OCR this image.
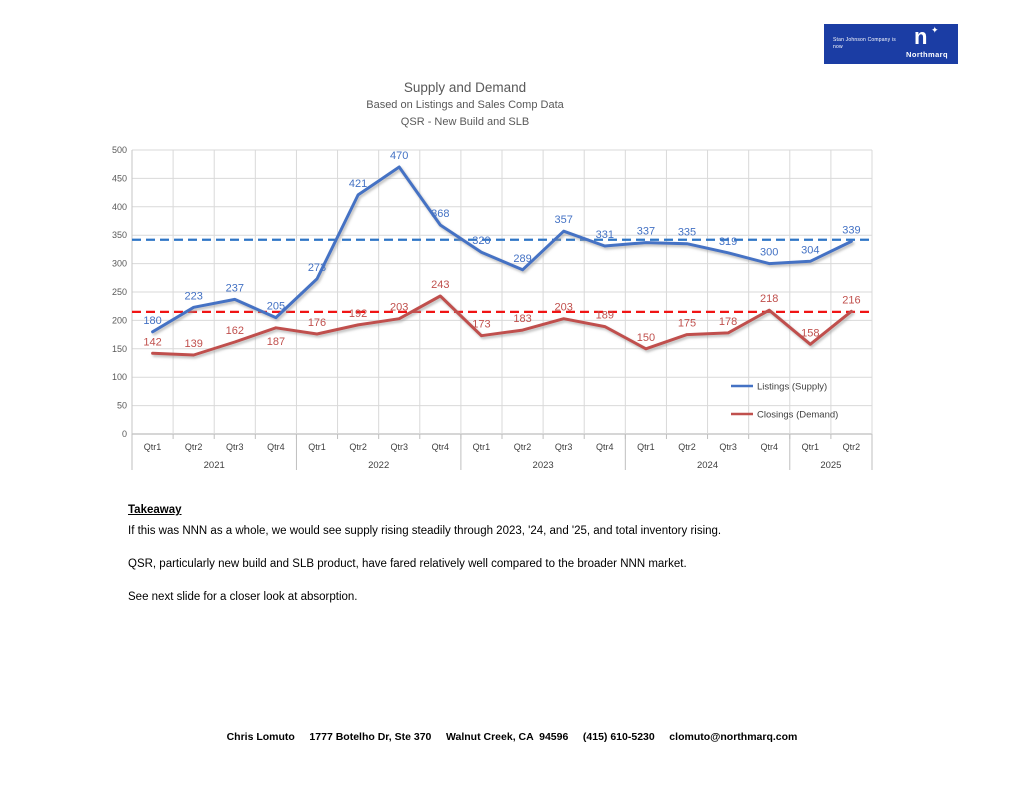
Stan Johnson Company is now	n ✦
Northmarq
Supply and Demand
Based on Listings and Sales Comp Data
QSR - New Build and SLB
2021	2022	2023	2024	2025
0
50
100
150
200
250
300
350
400
450
500
Qtr1	Qtr2	Qtr3	Qtr4	Qtr1	Qtr2	Qtr3	Qtr4	Qtr1	Qtr2	Qtr3	Qtr4	Qtr1	Qtr2	Qtr3	Qtr4	Qtr1	Qtr2
180
223
237
205
273
421
470
368
320
289
357
331 337 335
319
300 304
339
142 139
162
187
176
192
203
243
173 183
203
189
150
175 178
218
158
216
Listings (Supply)
Closings (Demand)
Takeaway

If this was NNN as a whole, we would see supply rising steadily through 2023, '24, and '25, and total inventory rising.

QSR, particularly new build and SLB product, have fared relatively well compared to the broader NNN market.

See next slide for a closer look at absorption.

Chris Lomuto     1777 Botelho Dr, Ste 370     Walnut Creek, CA  94596     (415) 610-5230     clomuto@northmarq.com
